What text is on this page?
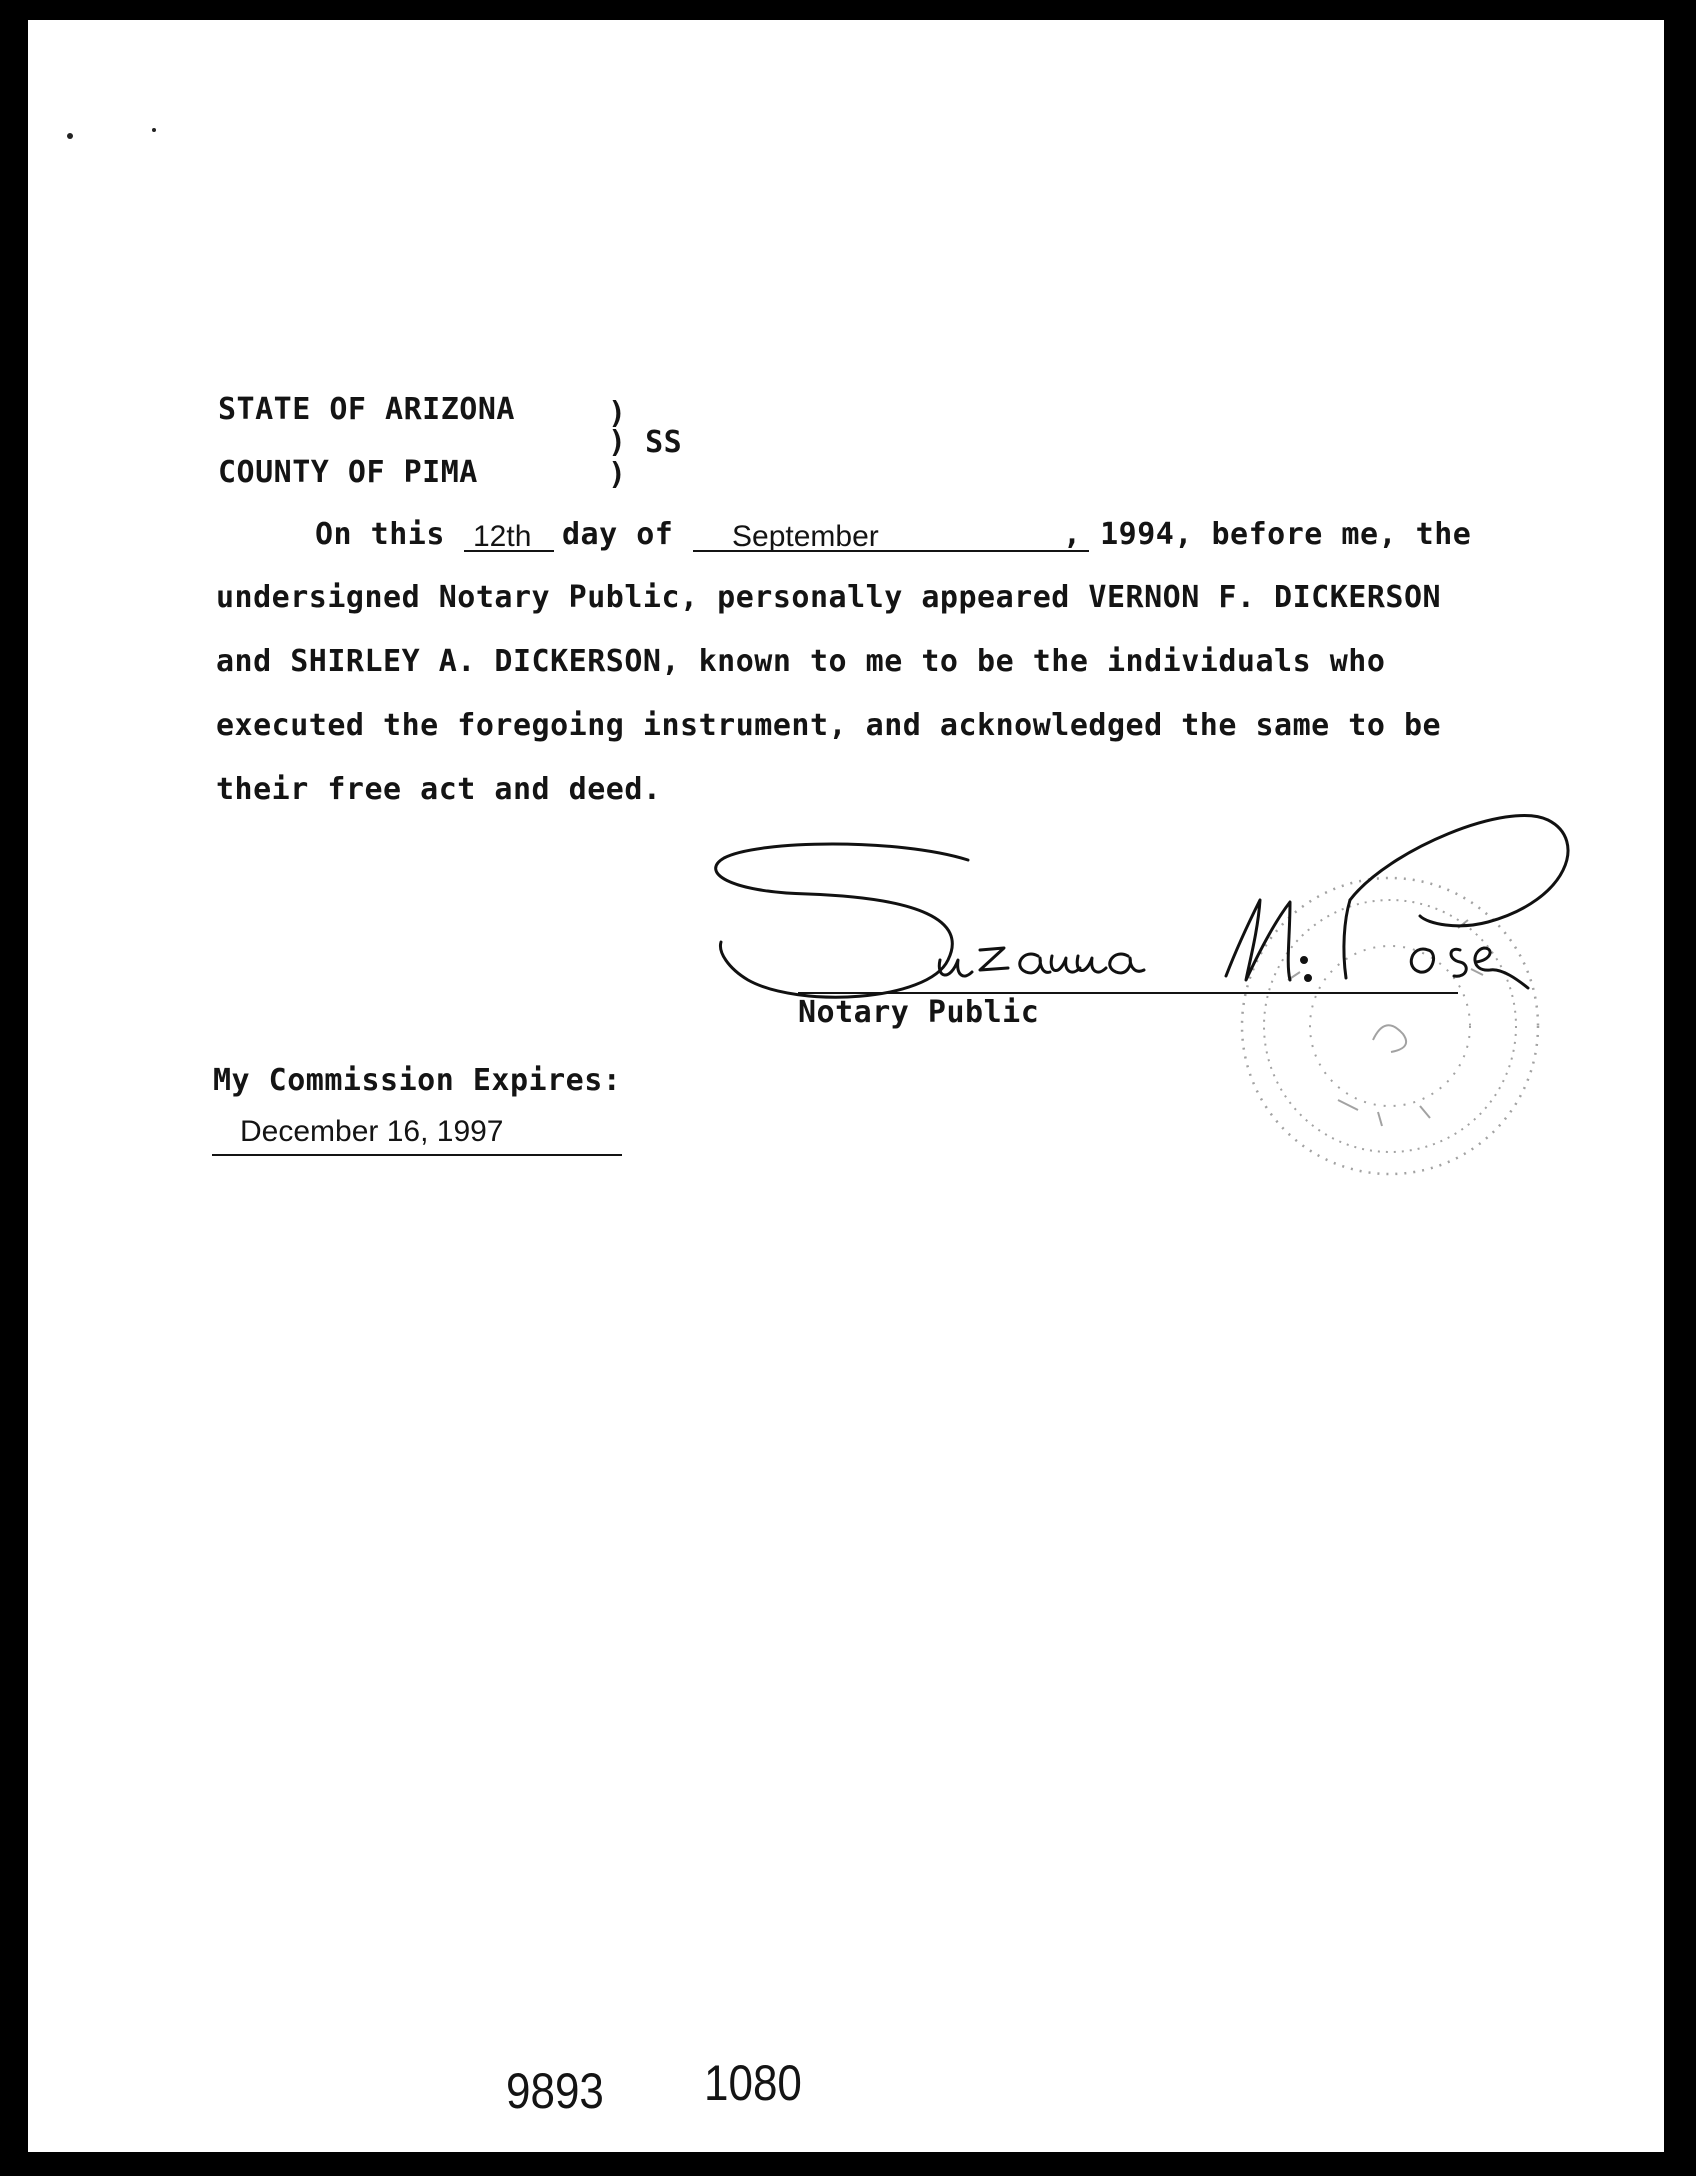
STATE OF ARIZONA
COUNTY OF PIMA
)
) SS
)
On this 12th day of September	, 1994, before me, the
undersigned Notary Public, personally appeared VERNON F. DICKERSON
and SHIRLEY A. DICKERSON, known to me to be the individuals who
executed the foregoing instrument, and acknowledged the same to be
their free act and deed.
Notary Public
My Commission Expires:
December 16, 1997
9893 1080
